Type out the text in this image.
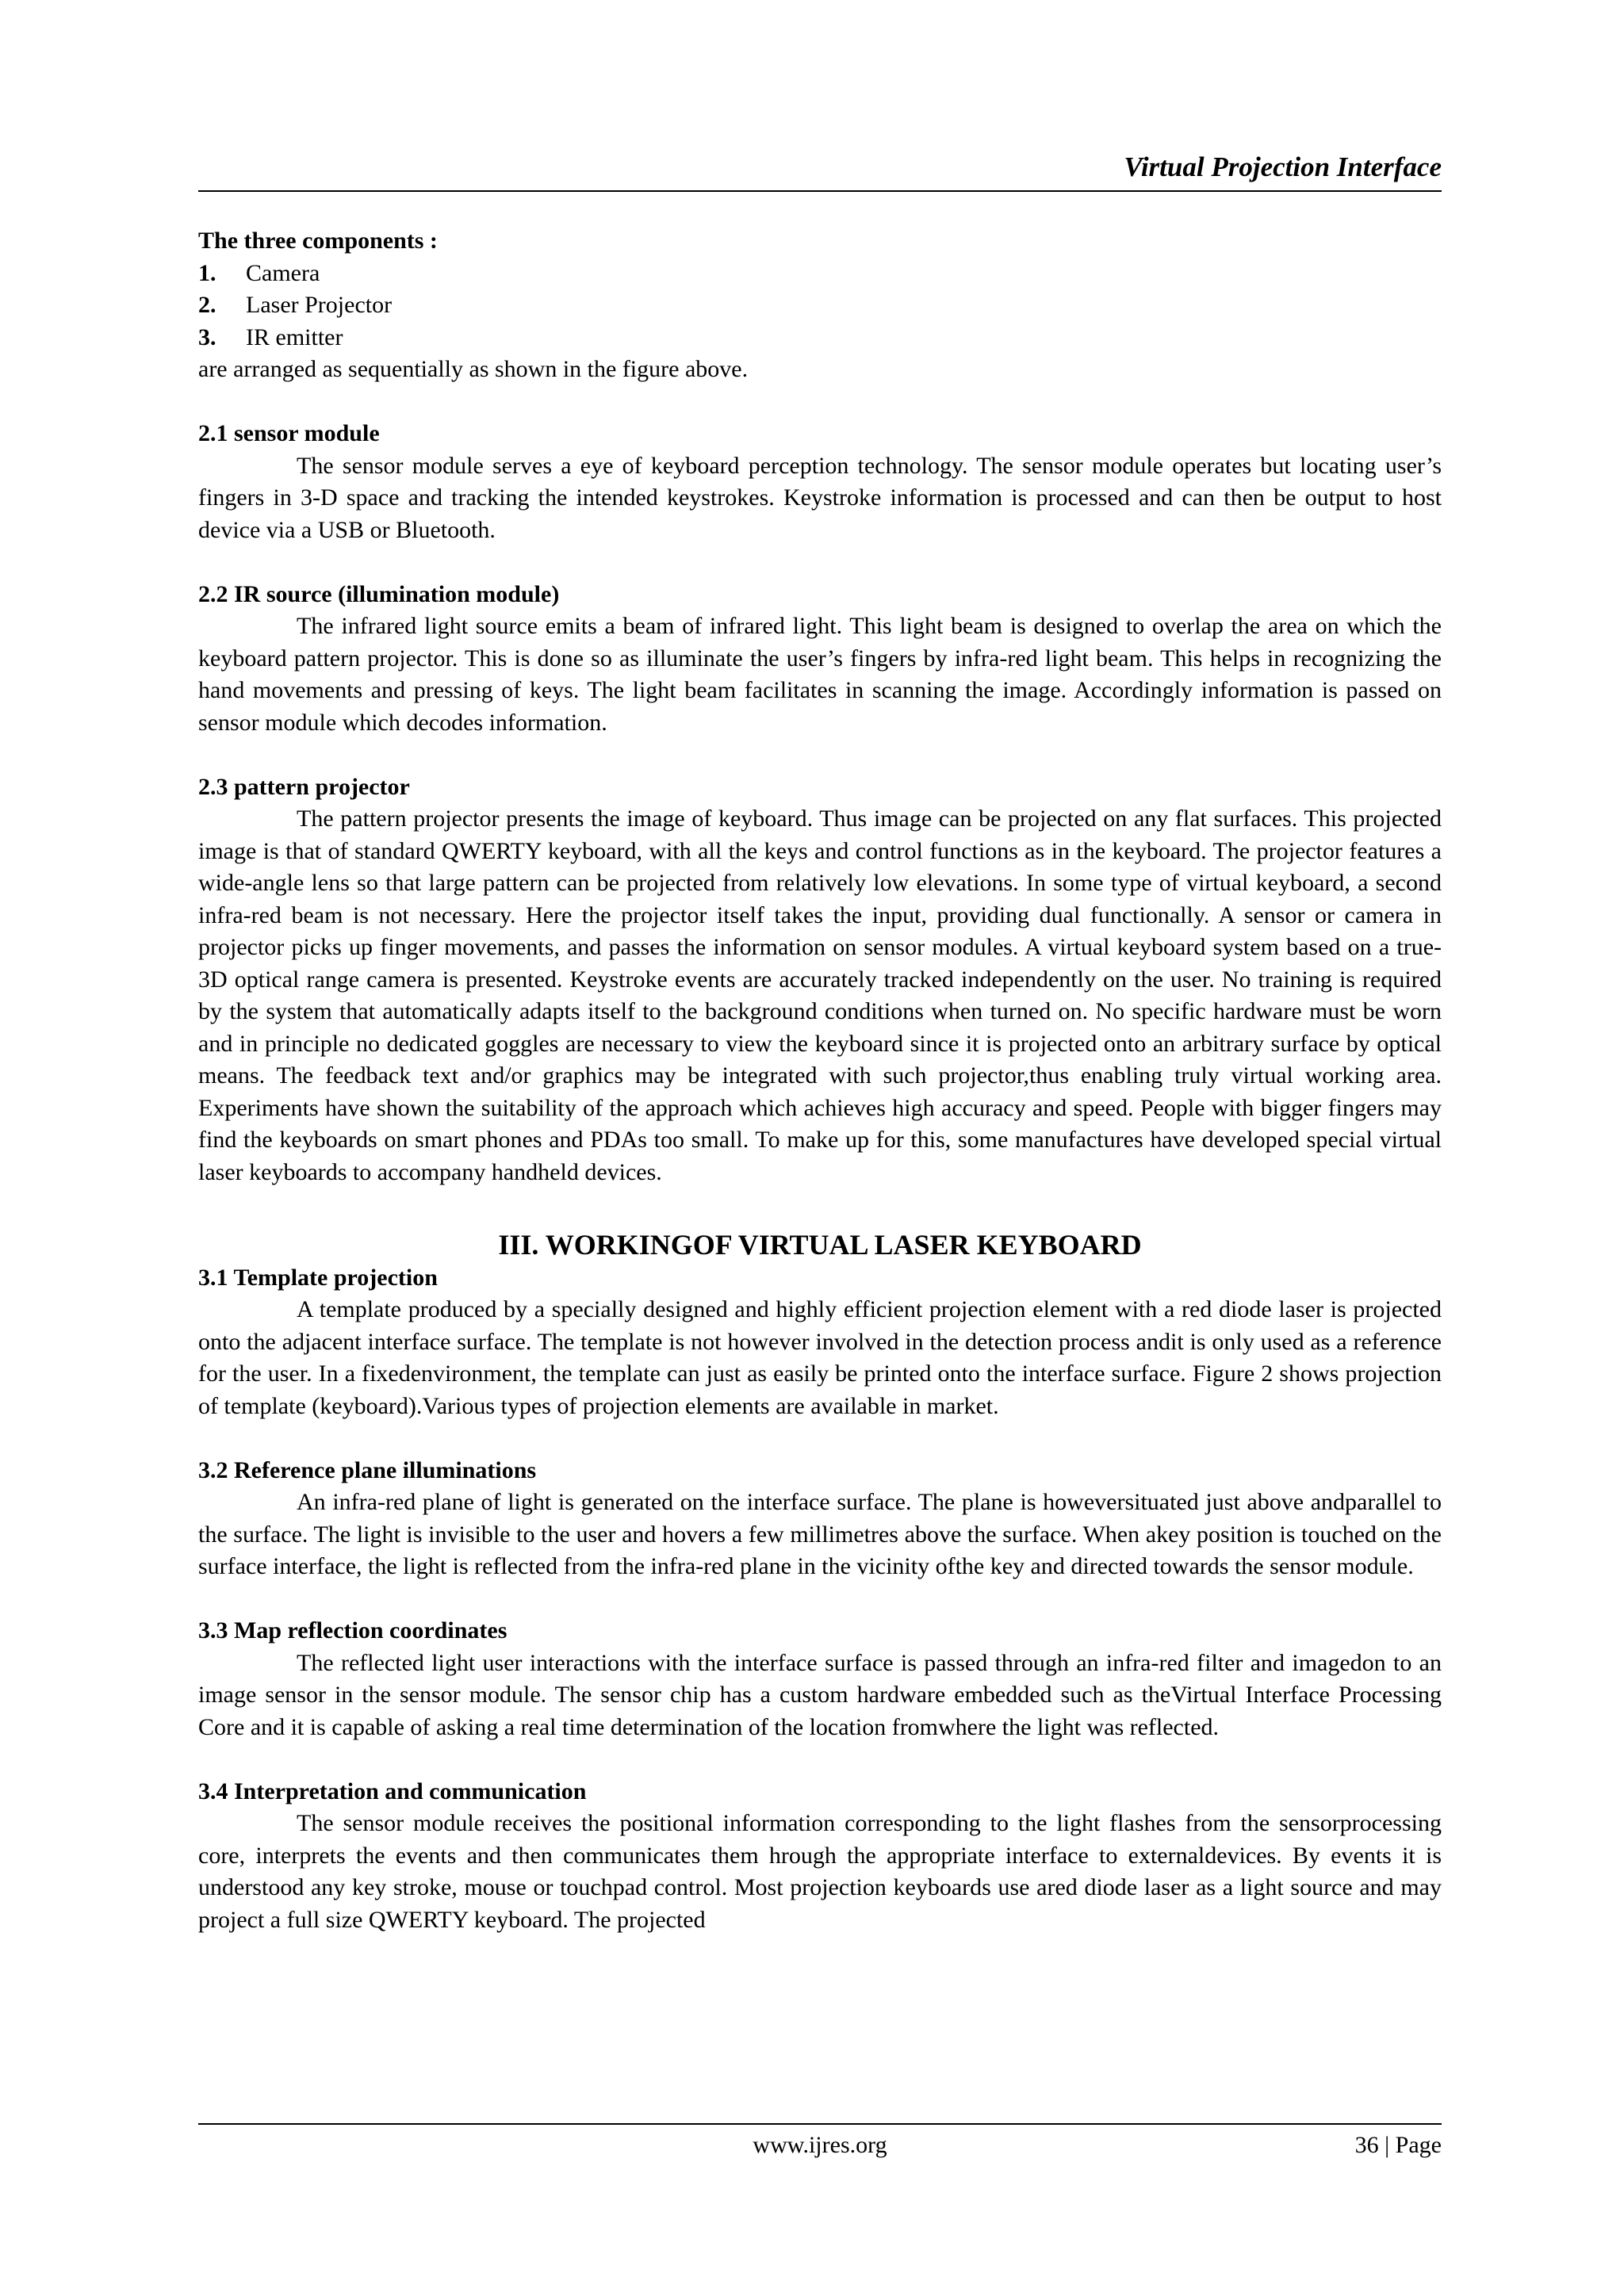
Virtual Projection Interface
The three components :
1. Camera
2. Laser Projector
3. IR emitter

are arranged as sequentially as shown in the figure above.

2.1 sensor module

The sensor module serves a eye of keyboard perception technology. The sensor module operates but locating user’s fingers in 3-D space and tracking the intended keystrokes. Keystroke information is processed and can then be output to host device via a USB or Bluetooth.

2.2 IR source (illumination module)

The infrared light source emits a beam of infrared light. This light beam is designed to overlap the area on which the keyboard pattern projector. This is done so as illuminate the user’s fingers by infra-red light beam. This helps in recognizing the hand movements and pressing of keys. The light beam facilitates in scanning the image. Accordingly information is passed on sensor module which decodes information.

2.3 pattern projector

The pattern projector presents the image of keyboard. Thus image can be projected on any flat surfaces. This projected image is that of standard QWERTY keyboard, with all the keys and control functions as in the keyboard. The projector features a wide-angle lens so that large pattern can be projected from relatively low elevations. In some type of virtual keyboard, a second infra-red beam is not necessary. Here the projector itself takes the input, providing dual functionally. A sensor or camera in projector picks up finger movements, and passes the information on sensor modules. A virtual keyboard system based on a true-3D optical range camera is presented. Keystroke events are accurately tracked independently on the user. No training is required by the system that automatically adapts itself to the background conditions when turned on. No specific hardware must be worn and in principle no dedicated goggles are necessary to view the keyboard since it is projected onto an arbitrary surface by optical means. The feedback text and/or graphics may be integrated with such projector,thus enabling truly virtual working area. Experiments have shown the suitability of the approach which achieves high accuracy and speed. People with bigger fingers may find the keyboards on smart phones and PDAs too small. To make up for this, some manufactures have developed special virtual laser keyboards to accompany handheld devices.

III. WORKINGOF VIRTUAL LASER KEYBOARD
3.1 Template projection

A template produced by a specially designed and highly efficient projection element with a red diode laser is projected onto the adjacent interface surface. The template is not however involved in the detection process andit is only used as a reference for the user. In a fixedenvironment, the template can just as easily be printed onto the interface surface. Figure 2 shows projection of template (keyboard).Various types of projection elements are available in market.

3.2 Reference plane illuminations

An infra-red plane of light is generated on the interface surface. The plane is howeversituated just above andparallel to the surface. The light is invisible to the user and hovers a few millimetres above the surface. When akey position is touched on the surface interface, the light is reflected from the infra-red plane in the vicinity ofthe key and directed towards the sensor module.

3.3 Map reflection coordinates

The reflected light user interactions with the interface surface is passed through an infra-red filter and imagedon to an image sensor in the sensor module. The sensor chip has a custom hardware embedded such as theVirtual Interface Processing Core and it is capable of asking a real time determination of the location fromwhere the light was reflected.

3.4 Interpretation and communication

The sensor module receives the positional information corresponding to the light flashes from the sensorprocessing core, interprets the events and then communicates them hrough the appropriate interface to externaldevices. By events it is understood any key stroke, mouse or touchpad control. Most projection keyboards use ared diode laser as a light source and may project a full size QWERTY keyboard. The projected

www.ijres.org	36 | Page
